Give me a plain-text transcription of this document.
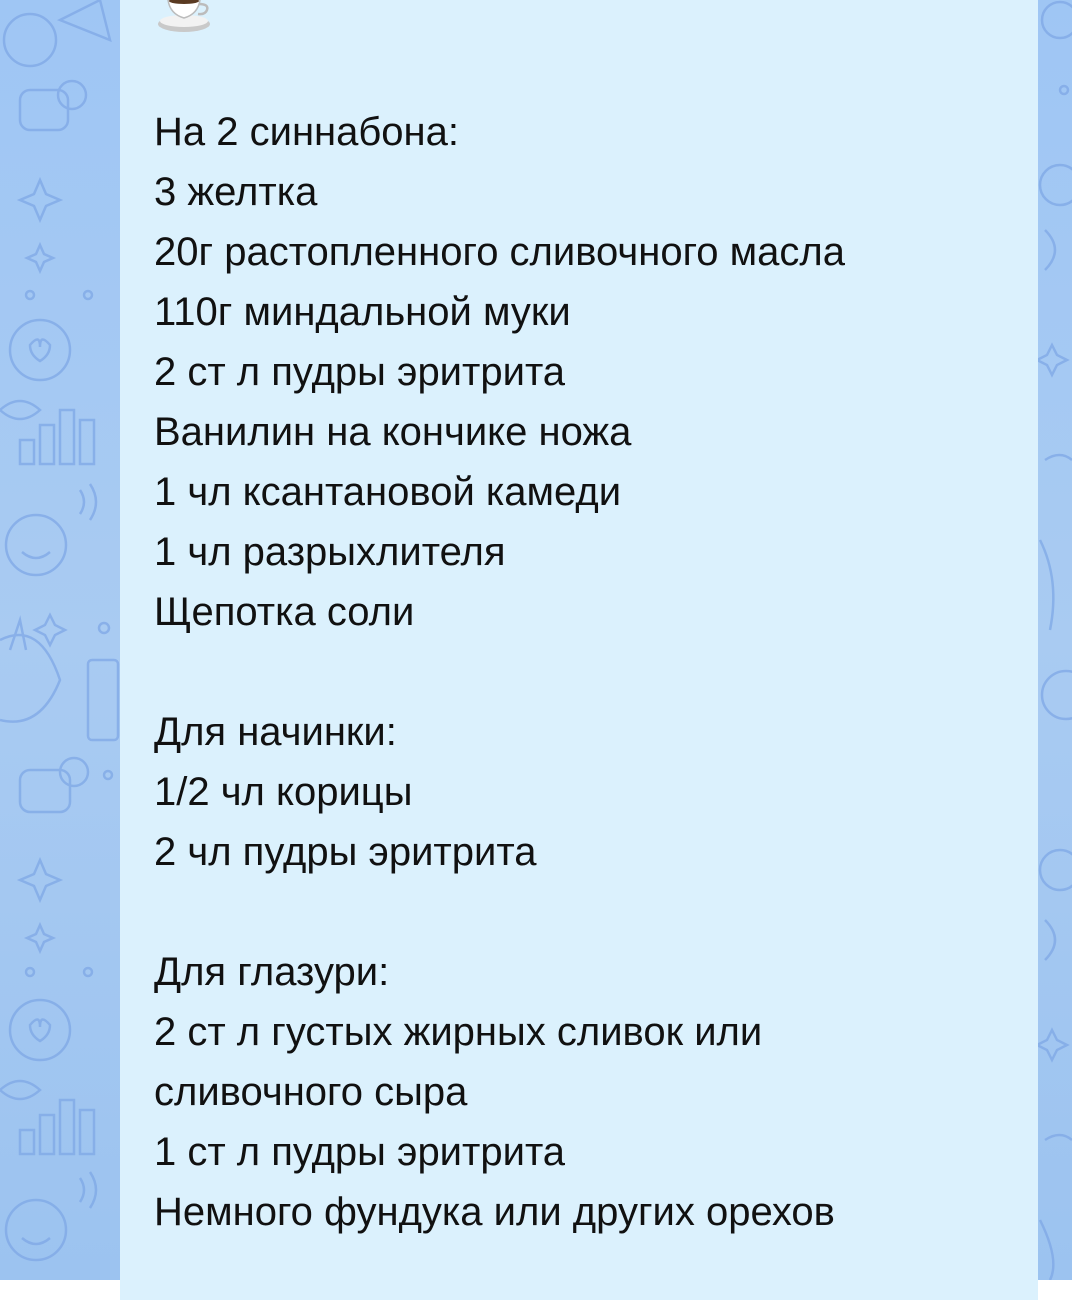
На 2 синнабона:
3 желтка
20г растопленного сливочного масла
110г миндальной муки
2 ст л пудры эритрита
Ванилин на кончике ножа
1 чл ксантановой камеди
1 чл разрыхлителя
Щепотка соли
Для начинки:
1/2 чл корицы
2 чл пудры эритрита
Для глазури:
2 ст л густых жирных сливок или
сливочного сыра
1 ст л пудры эритрита
Немного фундука или других орехов
